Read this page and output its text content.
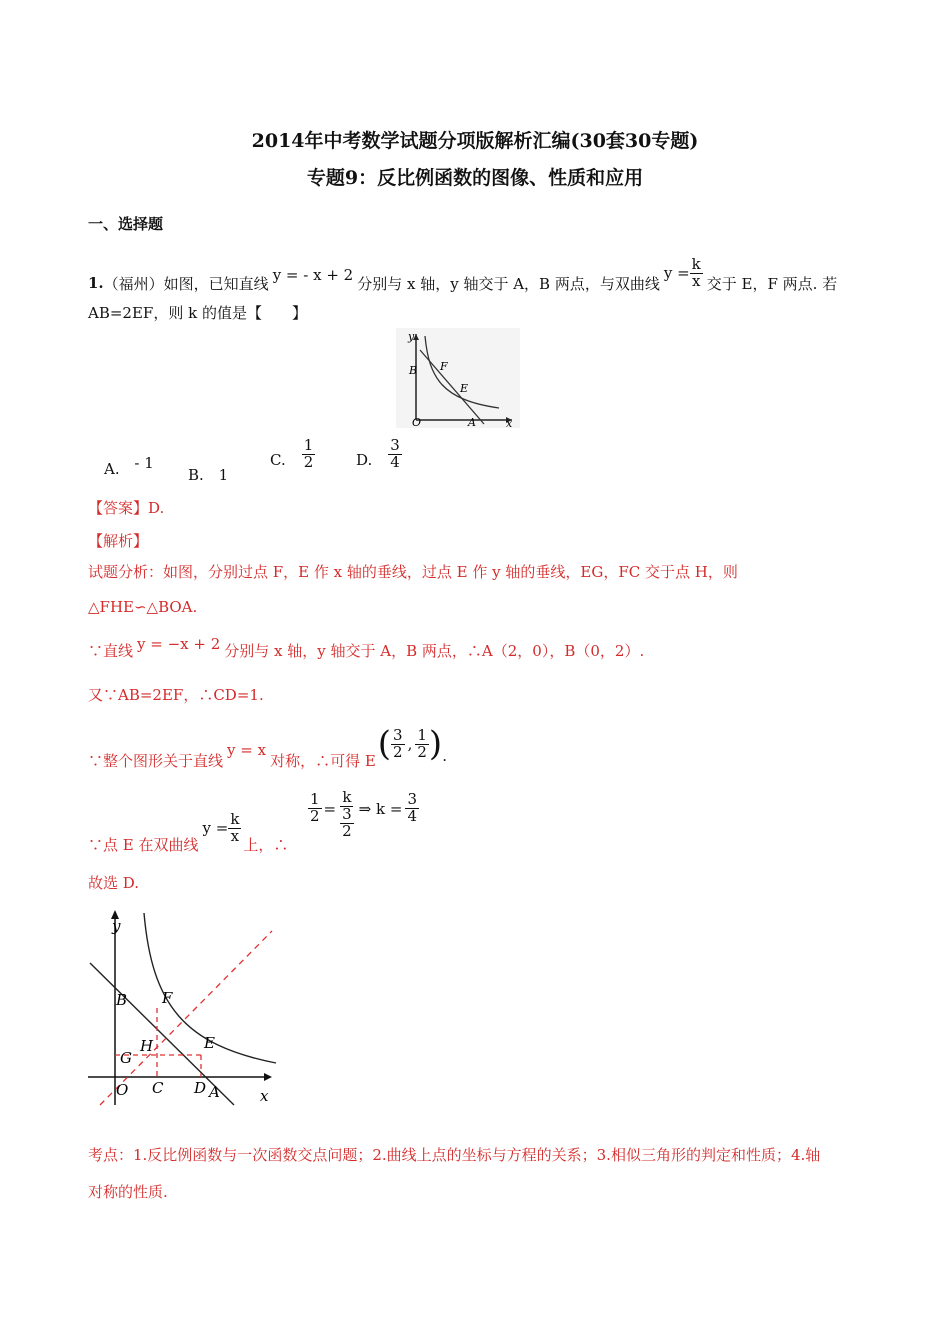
2014年中考数学试题分项版解析汇编(30套30专题)
专题9：反比例函数的图像、性质和应用
一、选择题
1. （福州）如图，已知直线 y = - x + 2 分别与 x 轴，y 轴交于 A，B 两点，与双曲线
$y = \frac{k}{x}$ 交于 E，F 两点. 若
AB=2EF，则 k 的值是【　　】
y
x
B F
E
O	A
A. - 1
B. 1
C. $\frac{1}{2}$	D. $\frac{3}{4}$
【答案】D.
【解析】
试题分析：如图，分别过点 F，E 作 x 轴的垂线，过点 E 作 y 轴的垂线，EG，FC 交于点 H，则
△FHE∽△BOA.
∵直线 y = −x + 2 分别与 x 轴，y 轴交于 A，B 两点，∴A（2，0），B（0，2）.
又∵AB=2EF，∴CD=1.
∵整个图形关于直线
y = x
对称，∴可得 E ( $\frac{3}{2}$ , $\frac{1}{2}$ ) .
∵点 E 在双曲线
$y = \frac{k}{x}$ 上，∴
$\frac{1}{2} = \frac{k}{\frac{3}{2}}$ ⇒ $k = \frac{3}{4}$
故选 D.
y
x
B F
H	E
G
O C D A
考点：1.反比例函数与一次函数交点问题；2.曲线上点的坐标与方程的关系；3.相似三角形的判定和性质；4.轴
对称的性质.
